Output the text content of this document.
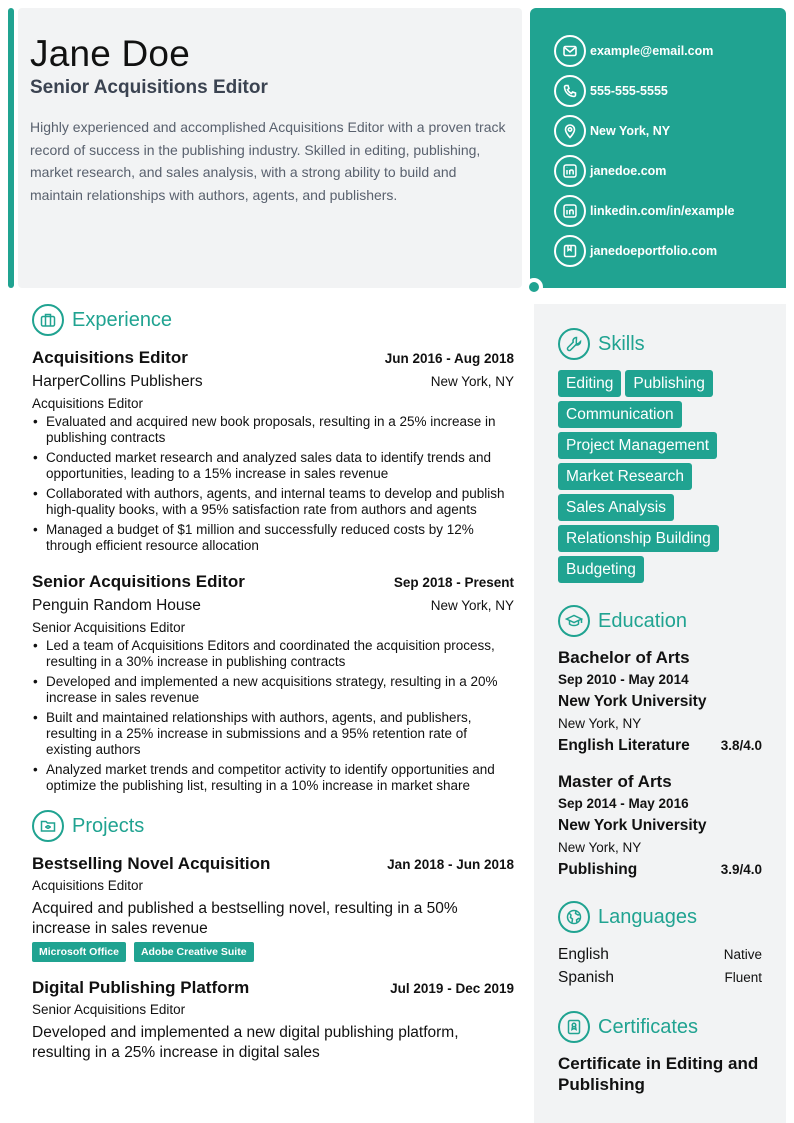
Jane Doe
Senior Acquisitions Editor

Highly experienced and accomplished Acquisitions Editor with a proven track record of success in the publishing industry. Skilled in editing, publishing, market research, and sales analysis, with a strong ability to build and maintain relationships with authors, agents, and publishers.

example@email.com
555-555-5555
New York, NY
janedoe.com
linkedin.com/in/example
janedoeportfolio.com
Experience
Acquisitions Editor	Jun 2016 - Aug 2018
HarperCollins Publishers	New York, NY
Acquisitions Editor
• Evaluated and acquired new book proposals, resulting in a 25% increase in publishing contracts
• Conducted market research and analyzed sales data to identify trends and opportunities, leading to a 15% increase in sales revenue
• Collaborated with authors, agents, and internal teams to develop and publish high-quality books, with a 95% satisfaction rate from authors and agents
• Managed a budget of $1 million and successfully reduced costs by 12% through efficient resource allocation
Senior Acquisitions Editor	Sep 2018 - Present
Penguin Random House	New York, NY
Senior Acquisitions Editor
• Led a team of Acquisitions Editors and coordinated the acquisition process, resulting in a 30% increase in publishing contracts
• Developed and implemented a new acquisitions strategy, resulting in a 20% increase in sales revenue
• Built and maintained relationships with authors, agents, and publishers, resulting in a 25% increase in submissions and a 95% retention rate of existing authors
• Analyzed market trends and competitor activity to identify opportunities and optimize the publishing list, resulting in a 10% increase in market share
Projects
Bestselling Novel Acquisition	Jan 2018 - Jun 2018
Acquisitions Editor
Acquired and published a bestselling novel, resulting in a 50% increase in sales revenue
Microsoft Office	Adobe Creative Suite
Digital Publishing Platform	Jul 2019 - Dec 2019
Senior Acquisitions Editor
Developed and implemented a new digital publishing platform, resulting in a 25% increase in digital sales
Skills
Editing	Publishing
Communication
Project Management
Market Research
Sales Analysis
Relationship Building
Budgeting
Education
Bachelor of Arts
Sep 2010 - May 2014
New York University
New York, NY
English Literature 3.8/4.0
Master of Arts
Sep 2014 - May 2016
New York University
New York, NY
Publishing	3.9/4.0
Languages
English	Native
Spanish	Fluent
Certificates
Certificate in Editing and Publishing
